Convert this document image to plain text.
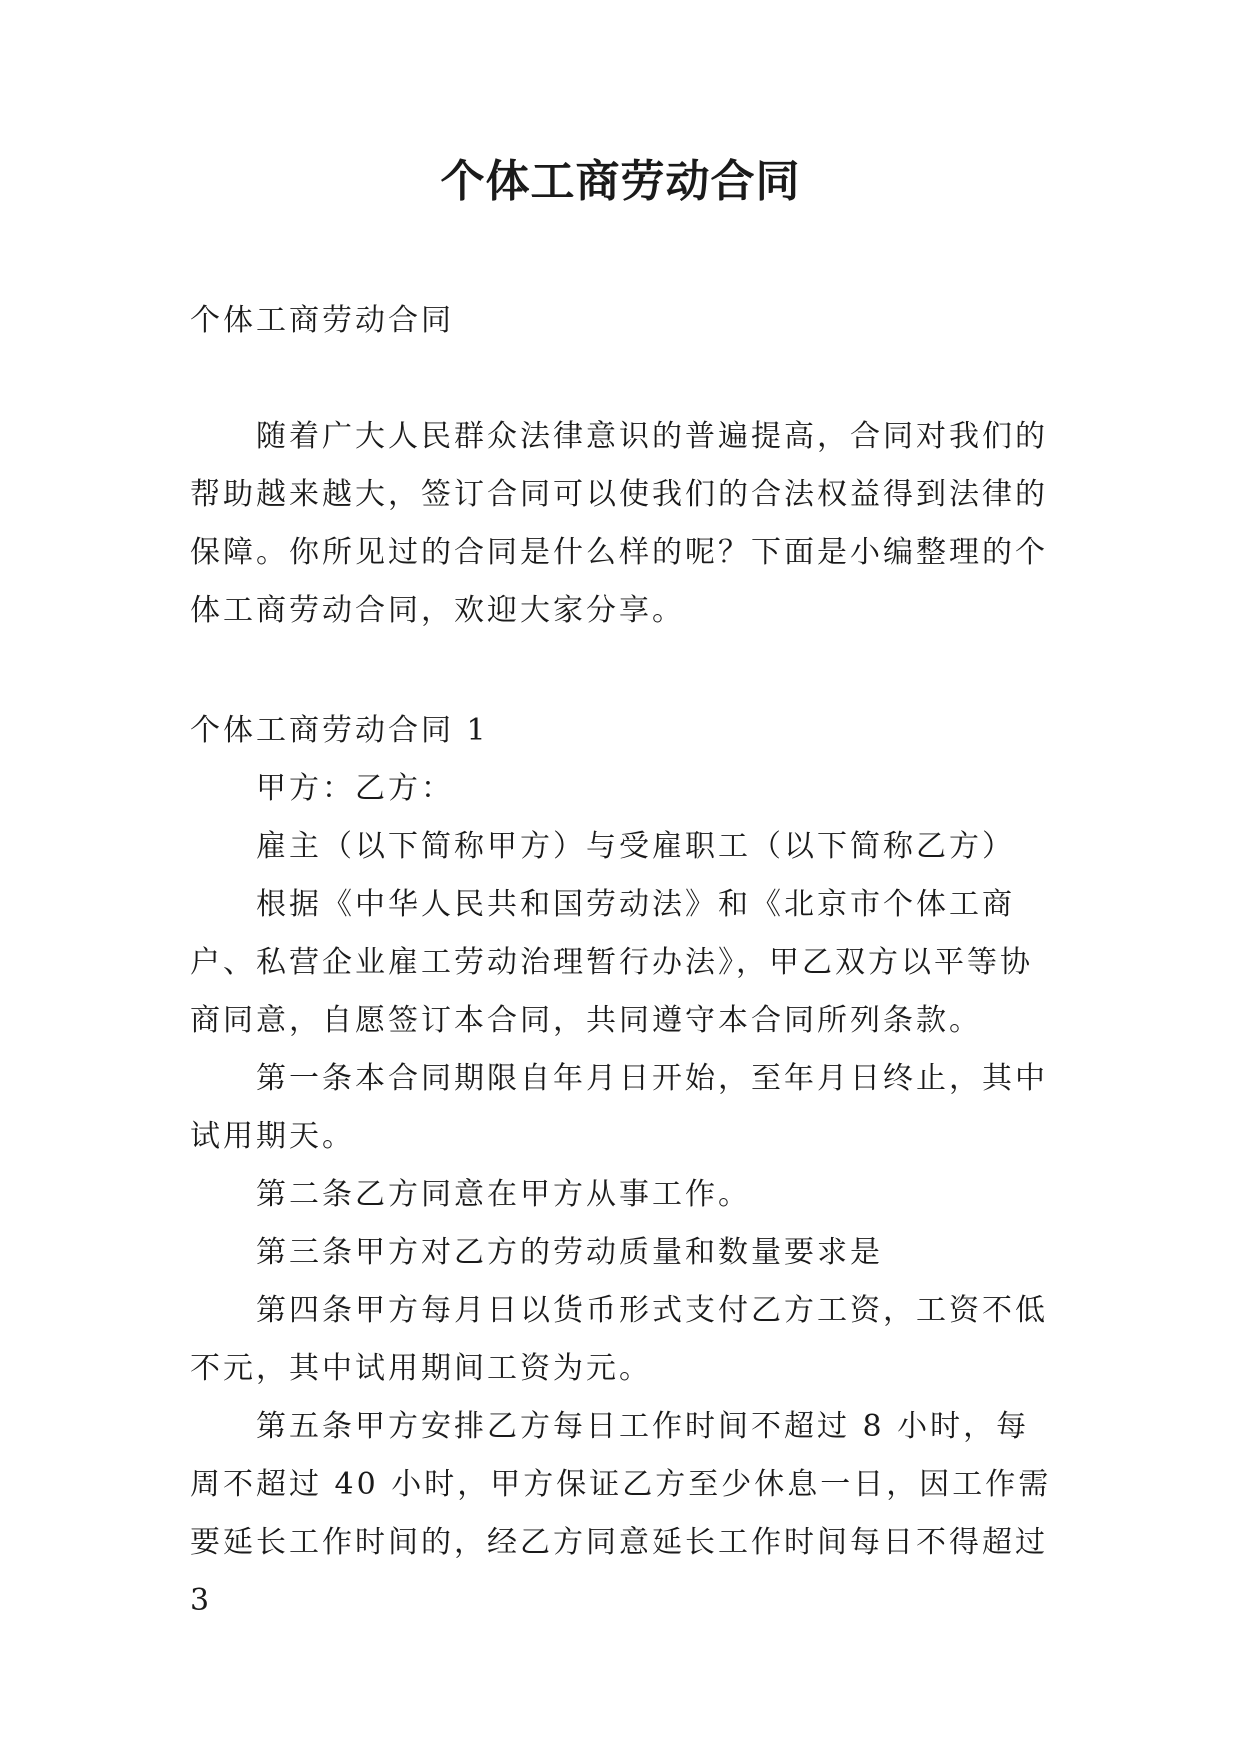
个体工商劳动合同

个体工商劳动合同

随着广大人民群众法律意识的普遍提高，合同对我们的帮助越来越大，签订合同可以使我们的合法权益得到法律的保障。你所见过的合同是什么样的呢？下面是小编整理的个体工商劳动合同，欢迎大家分享。

个体工商劳动合同 1

甲方：乙方：

雇主（以下简称甲方）与受雇职工（以下简称乙方）

根据《中华人民共和国劳动法》和《北京市个体工商户、私营企业雇工劳动治理暂行办法》，甲乙双方以平等协商同意，自愿签订本合同，共同遵守本合同所列条款。

第一条本合同期限自年月日开始，至年月日终止，其中试用期天。

第二条乙方同意在甲方从事工作。

第三条甲方对乙方的劳动质量和数量要求是

第四条甲方每月日以货币形式支付乙方工资，工资不低不元，其中试用期间工资为元。

第五条甲方安排乙方每日工作时间不超过 8 小时，每周不超过 40 小时，甲方保证乙方至少休息一日，因工作需要延长工作时间的，经乙方同意延长工作时间每日不得超过 3
